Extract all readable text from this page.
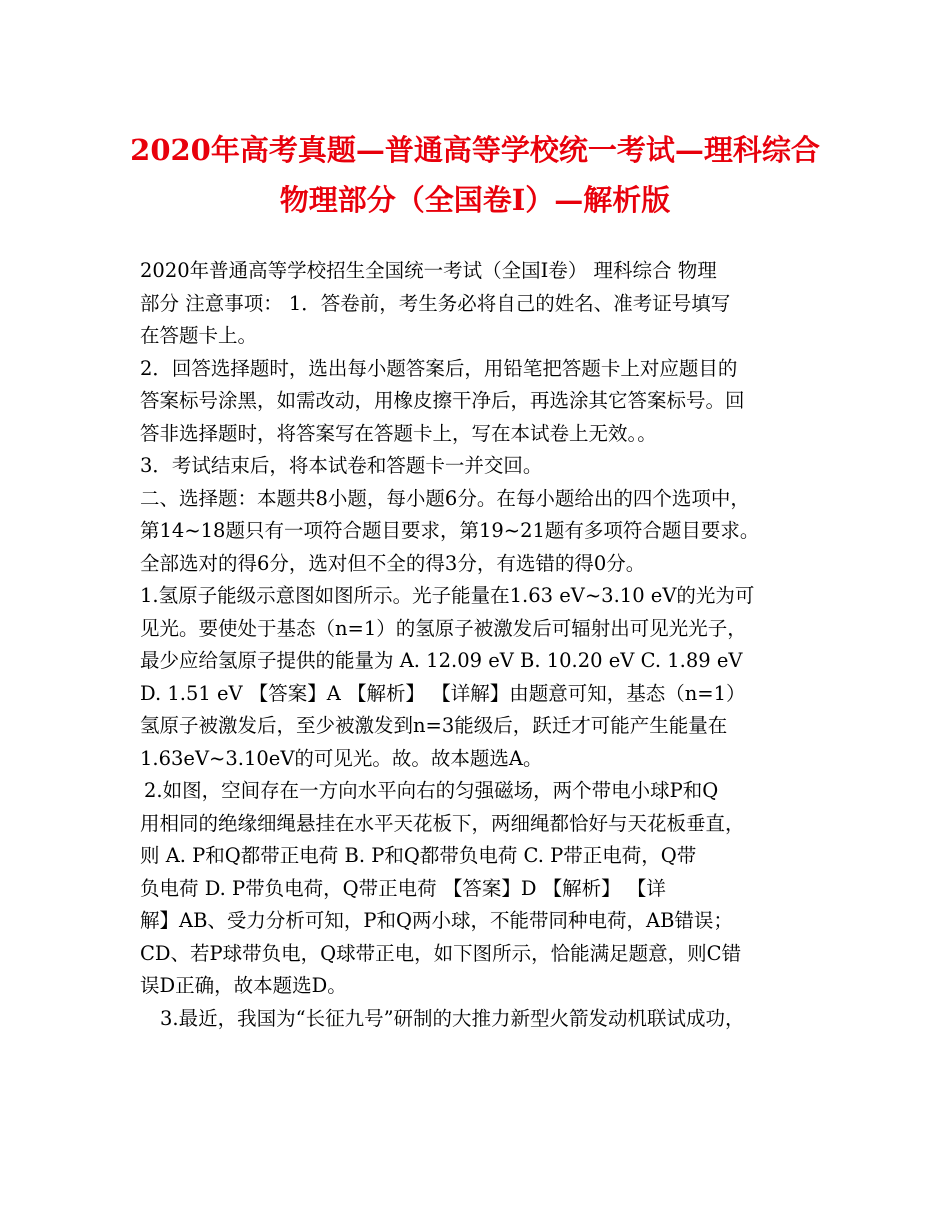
2020年高考真题—普通高等学校统一考试—理科综合
物理部分（全国卷Ⅰ）—解析版
2020年普通高等学校招生全国统一考试（全国Ⅰ卷） 理科综合 物理
部分 注意事项： 1．答卷前，考生务必将自己的姓名、准考证号填写
在答题卡上。
2．回答选择题时，选出每小题答案后，用铅笔把答题卡上对应题目的
答案标号涂黑，如需改动，用橡皮擦干净后，再选涂其它答案标号。回
答非选择题时，将答案写在答题卡上，写在本试卷上无效。。
3．考试结束后，将本试卷和答题卡一并交回。
二、选择题：本题共8小题，每小题6分。在每小题给出的四个选项中，
第14~18题只有一项符合题目要求，第19~21题有多项符合题目要求。
全部选对的得6分，选对但不全的得3分，有选错的得0分。
1.氢原子能级示意图如图所示。光子能量在1.63 eV~3.10 eV的光为可
见光。要使处于基态（n=1）的氢原子被激发后可辐射出可见光光子，
最少应给氢原子提供的能量为 A. 12.09 eV B. 10.20 eV C. 1.89 eV
D. 1.51 eV 【答案】A 【解析】 【详解】由题意可知，基态（n=1）
氢原子被激发后，至少被激发到n=3能级后，跃迁才可能产生能量在
1.63eV~3.10eV的可见光。故。故本题选A。
2.如图，空间存在一方向水平向右的匀强磁场，两个带电小球P和Q
用相同的绝缘细绳悬挂在水平天花板下，两细绳都恰好与天花板垂直，
则 A. P和Q都带正电荷 B. P和Q都带负电荷 C. P带正电荷，Q带
负电荷 D. P带负电荷，Q带正电荷 【答案】D 【解析】 【详
解】AB、受力分析可知，P和Q两小球，不能带同种电荷，AB错误；
CD、若P球带负电，Q球带正电，如下图所示，恰能满足题意，则C错
误D正确，故本题选D。
3.最近，我国为“长征九号”研制的大推力新型火箭发动机联试成功，
